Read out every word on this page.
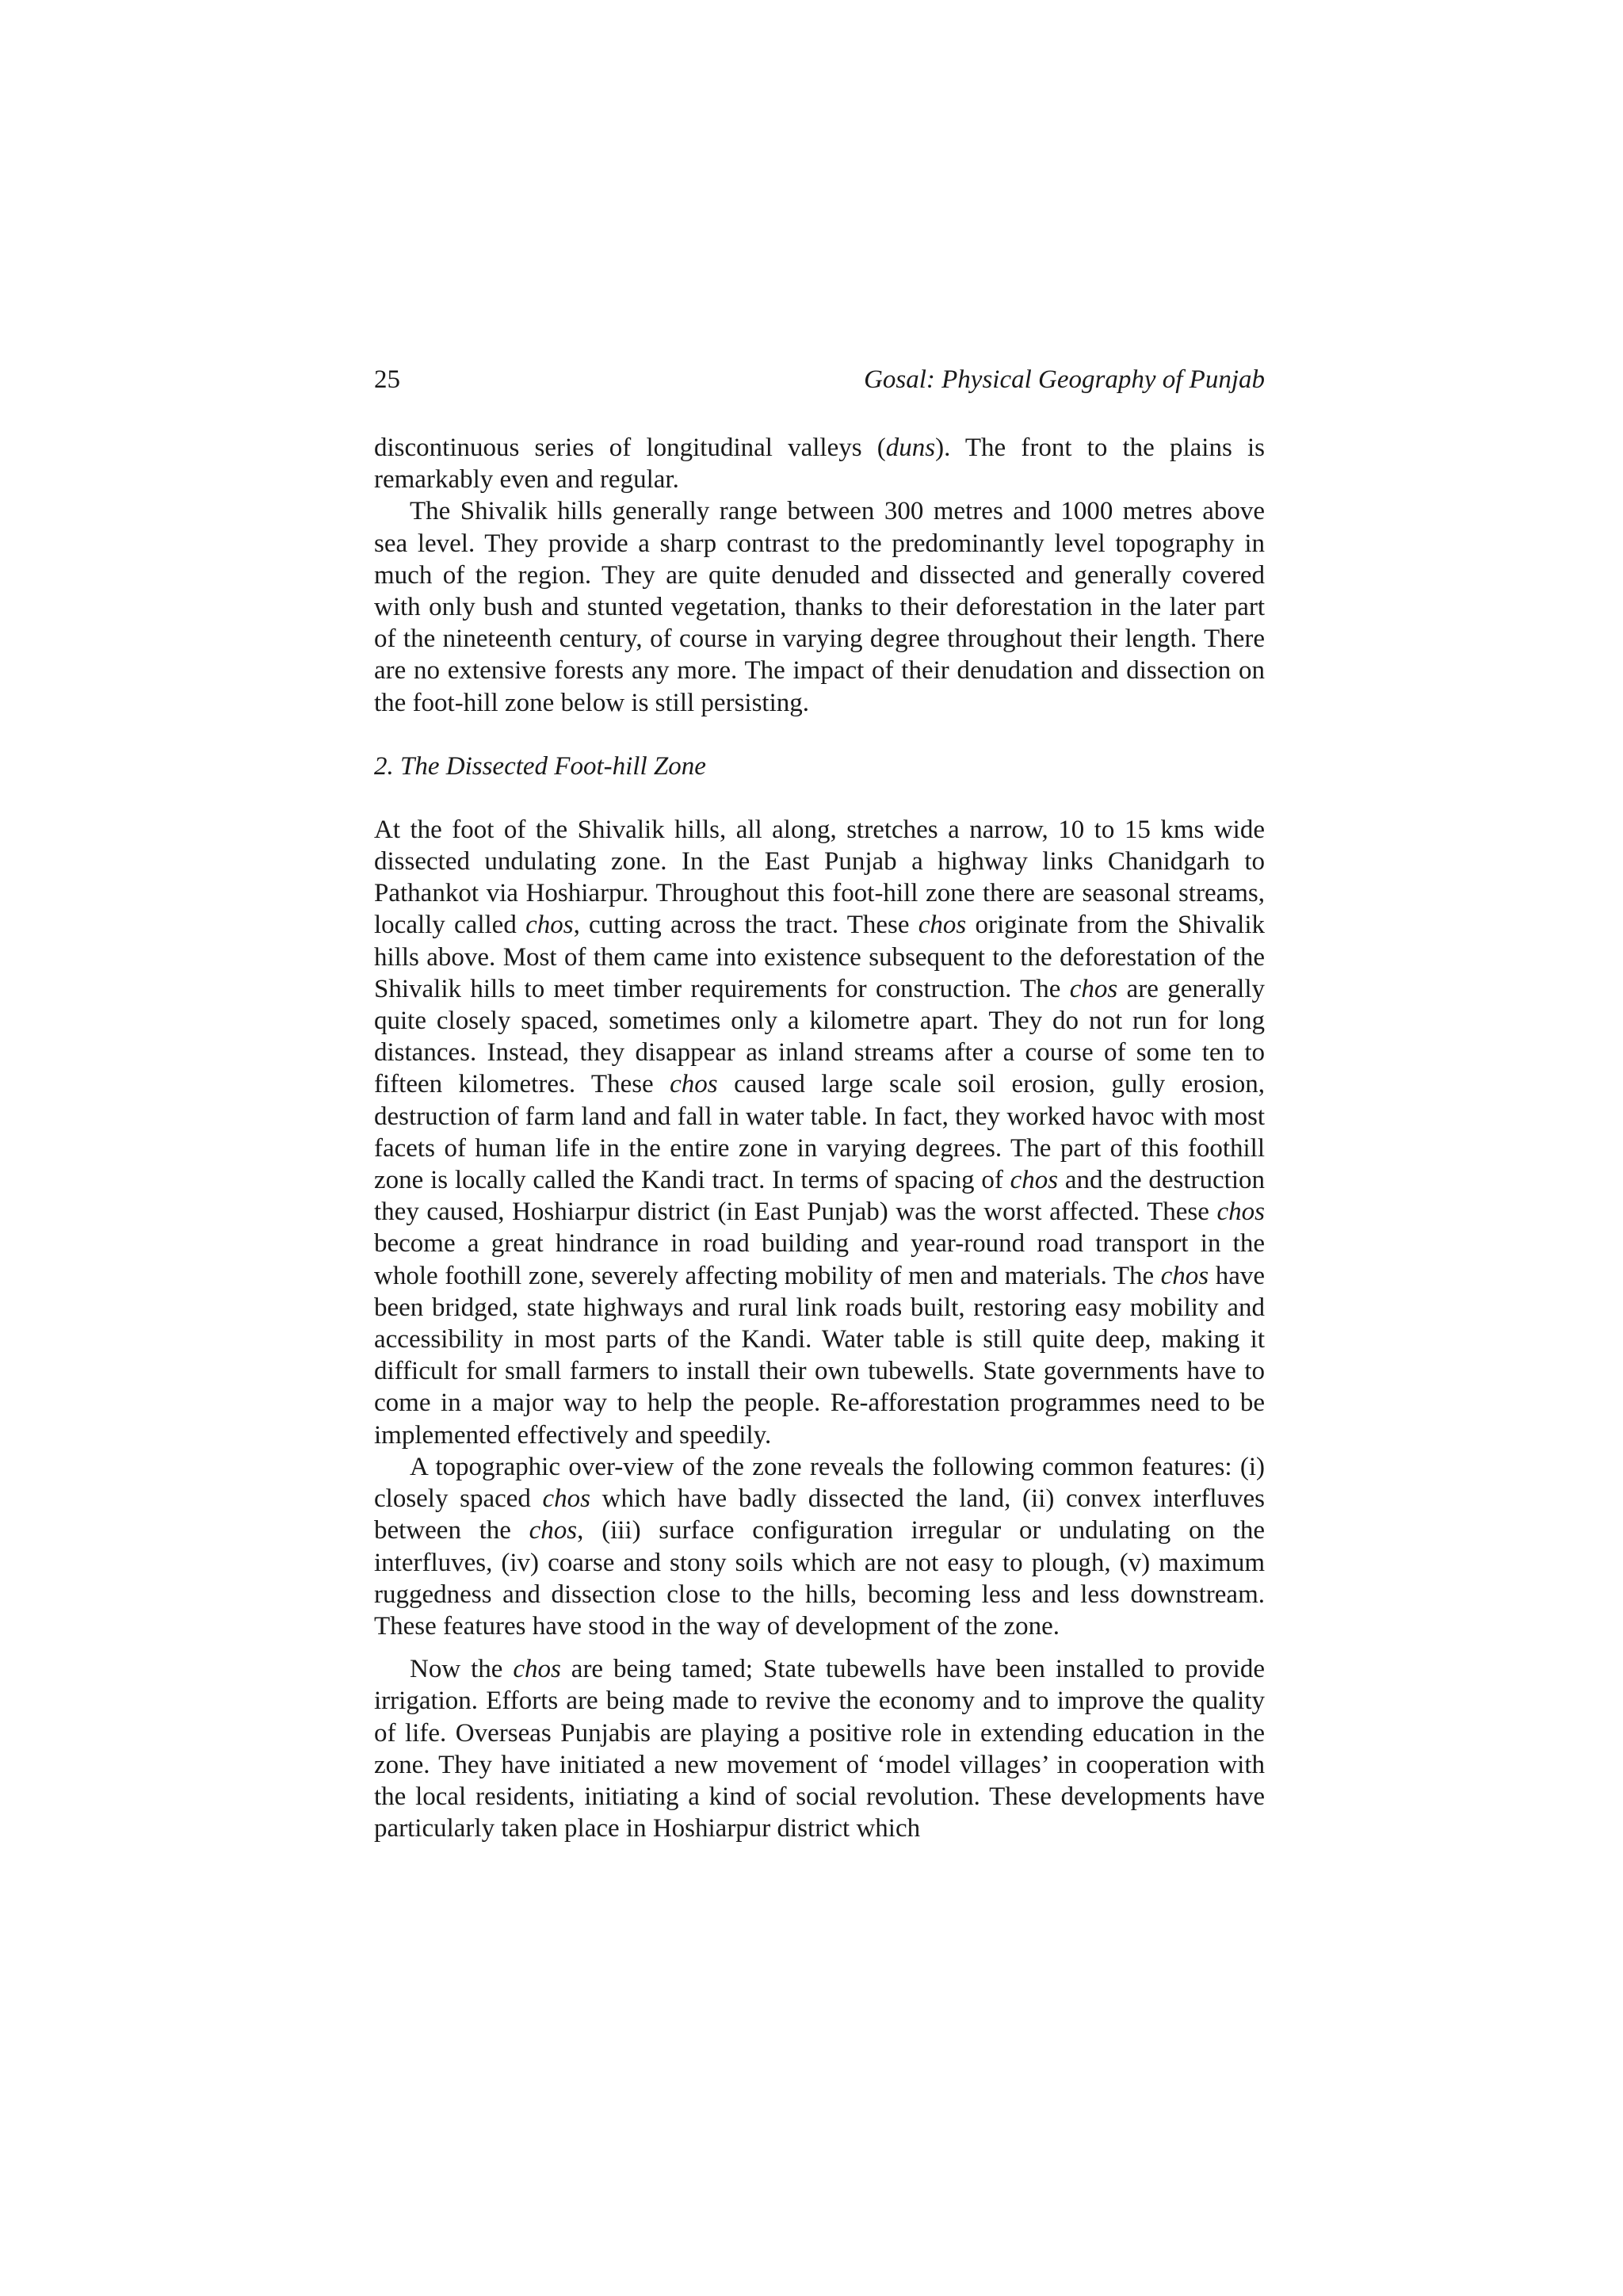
25	Gosal: Physical Geography of Punjab

discontinuous series of longitudinal valleys (duns). The front to the plains is remarkably even and regular.

The Shivalik hills generally range between 300 metres and 1000 metres above sea level. They provide a sharp contrast to the predominantly level topography in much of the region. They are quite denuded and dissected and generally covered with only bush and stunted vegetation, thanks to their deforestation in the later part of the nineteenth century, of course in varying degree throughout their length. There are no extensive forests any more. The impact of their denudation and dissection on the foot-hill zone below is still persisting.

2. The Dissected Foot-hill Zone

At the foot of the Shivalik hills, all along, stretches a narrow, 10 to 15 kms wide dissected undulating zone. In the East Punjab a highway links Chanidgarh to Pathankot via Hoshiarpur. Throughout this foot-hill zone there are seasonal streams, locally called chos, cutting across the tract. These chos originate from the Shivalik hills above. Most of them came into existence subsequent to the deforestation of the Shivalik hills to meet timber requirements for construction. The chos are generally quite closely spaced, sometimes only a kilometre apart. They do not run for long distances. Instead, they disappear as inland streams after a course of some ten to fifteen kilometres. These chos caused large scale soil erosion, gully erosion, destruction of farm land and fall in water table. In fact, they worked havoc with most facets of human life in the entire zone in varying degrees. The part of this foothill zone is locally called the Kandi tract. In terms of spacing of chos and the destruction they caused, Hoshiarpur district (in East Punjab) was the worst affected. These chos become a great hindrance in road building and year-round road transport in the whole foothill zone, severely affecting mobility of men and materials. The chos have been bridged, state highways and rural link roads built, restoring easy mobility and accessibility in most parts of the Kandi. Water table is still quite deep, making it difficult for small farmers to install their own tubewells. State governments have to come in a major way to help the people. Re-afforestation programmes need to be implemented effectively and speedily.

A topographic over-view of the zone reveals the following common features: (i) closely spaced chos which have badly dissected the land, (ii) convex interfluves between the chos, (iii) surface configuration irregular or undulating on the interfluves, (iv) coarse and stony soils which are not easy to plough, (v) maximum ruggedness and dissection close to the hills, becoming less and less downstream. These features have stood in the way of development of the zone.

Now the chos are being tamed; State tubewells have been installed to provide irrigation. Efforts are being made to revive the economy and to improve the quality of life. Overseas Punjabis are playing a positive role in extending education in the zone. They have initiated a new movement of ‘model villages’ in cooperation with the local residents, initiating a kind of social revolution. These developments have particularly taken place in Hoshiarpur district which
